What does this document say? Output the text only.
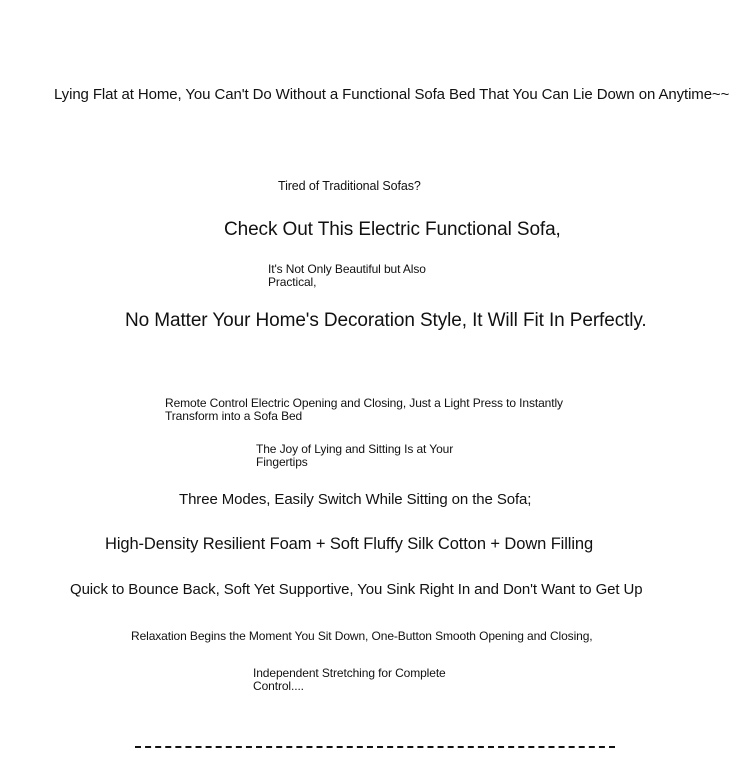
Lying Flat at Home, You Can't Do Without a Functional Sofa Bed That You Can Lie Down on Anytime~~

Tired of Traditional Sofas?

Check Out This Electric Functional Sofa,

It's Not Only Beautiful but Also Practical,

No Matter Your Home's Decoration Style, It Will Fit In Perfectly.

Remote Control Electric Opening and Closing, Just a Light Press to Instantly Transform into a Sofa Bed

The Joy of Lying and Sitting Is at Your Fingertips

Three Modes, Easily Switch While Sitting on the Sofa;

High-Density Resilient Foam + Soft Fluffy Silk Cotton + Down Filling

Quick to Bounce Back, Soft Yet Supportive, You Sink Right In and Don't Want to Get Up

Relaxation Begins the Moment You Sit Down, One-Button Smooth Opening and Closing,

Independent Stretching for Complete Control....
